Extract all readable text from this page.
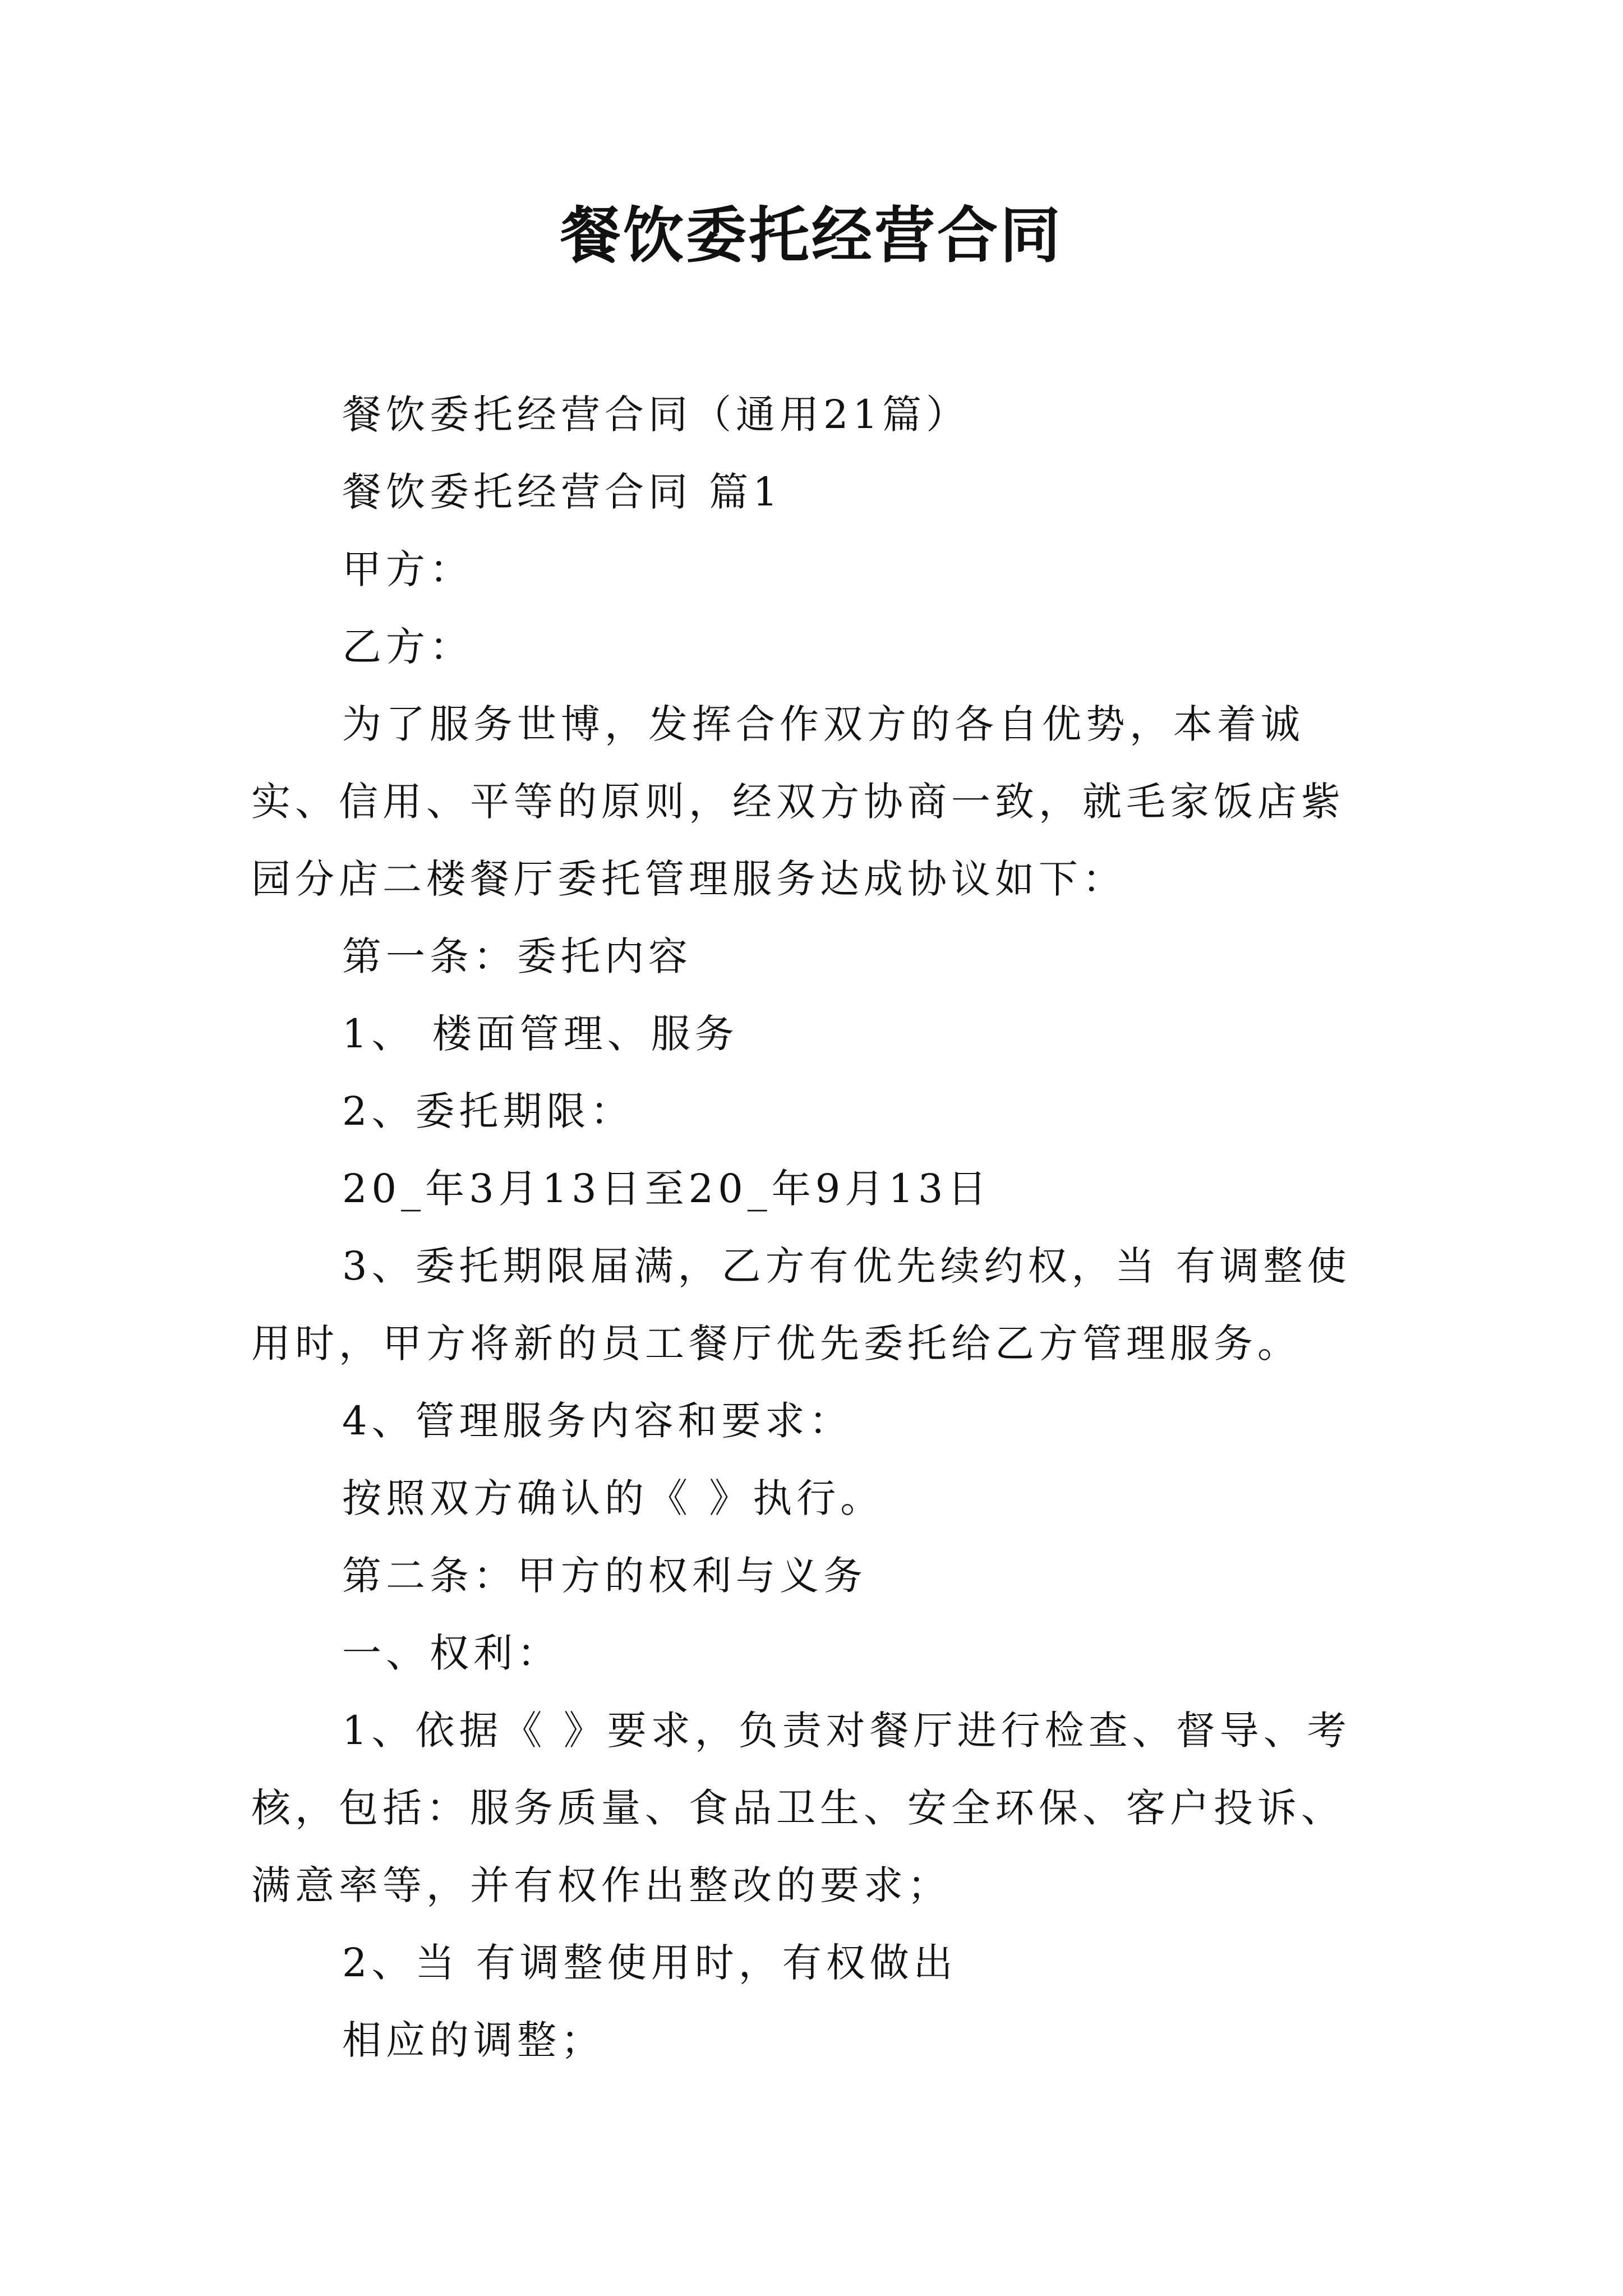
餐饮委托经营合同

餐饮委托经营合同（通用21篇）

餐饮委托经营合同 篇1

甲方：

乙方：

为了服务世博，发挥合作双方的各自优势，本着诚实、信用、平等的原则，经双方协商一致，就毛家饭店紫园分店二楼餐厅委托管理服务达成协议如下：

第一条：委托内容

1、 楼面管理、服务

2、委托期限：

20_年3月13日至20_年9月13日

3、委托期限届满，乙方有优先续约权，当 有调整使用时，甲方将新的员工餐厅优先委托给乙方管理服务。

4、管理服务内容和要求：

按照双方确认的《 》执行。

第二条：甲方的权利与义务

一、权利：

1、依据《 》要求，负责对餐厅进行检查、督导、考核，包括：服务质量、食品卫生、安全环保、客户投诉、满意率等，并有权作出整改的要求；

2、当 有调整使用时，有权做出

相应的调整；
